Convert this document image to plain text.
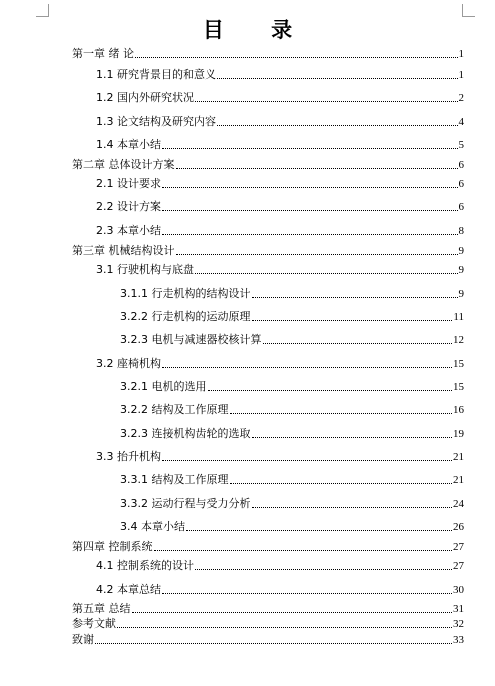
目 录
第一章 绪 论	1
1.1 研究背景目的和意义	1
1.2 国内外研究状况	2
1.3 论文结构及研究内容	4
1.4 本章小结	5
第二章 总体设计方案	6
2.1 设计要求	6
2.2 设计方案	6
2.3 本章小结	8
第三章 机械结构设计	9
3.1 行驶机构与底盘	9
3.1.1 行走机构的结构设计	9
3.2.2 行走机构的运动原理	11
3.2.3 电机与减速器校核计算	12
3.2 座椅机构	15
3.2.1 电机的选用	15
3.2.2 结构及工作原理	16
3.2.3 连接机构齿轮的选取	19
3.3 抬升机构	21
3.3.1 结构及工作原理	21
3.3.2 运动行程与受力分析	24
3.4 本章小结	26
第四章 控制系统	27
4.1 控制系统的设计	27
4.2 本章总结	30
第五章 总结	31
参考文献	32
致谢	33
